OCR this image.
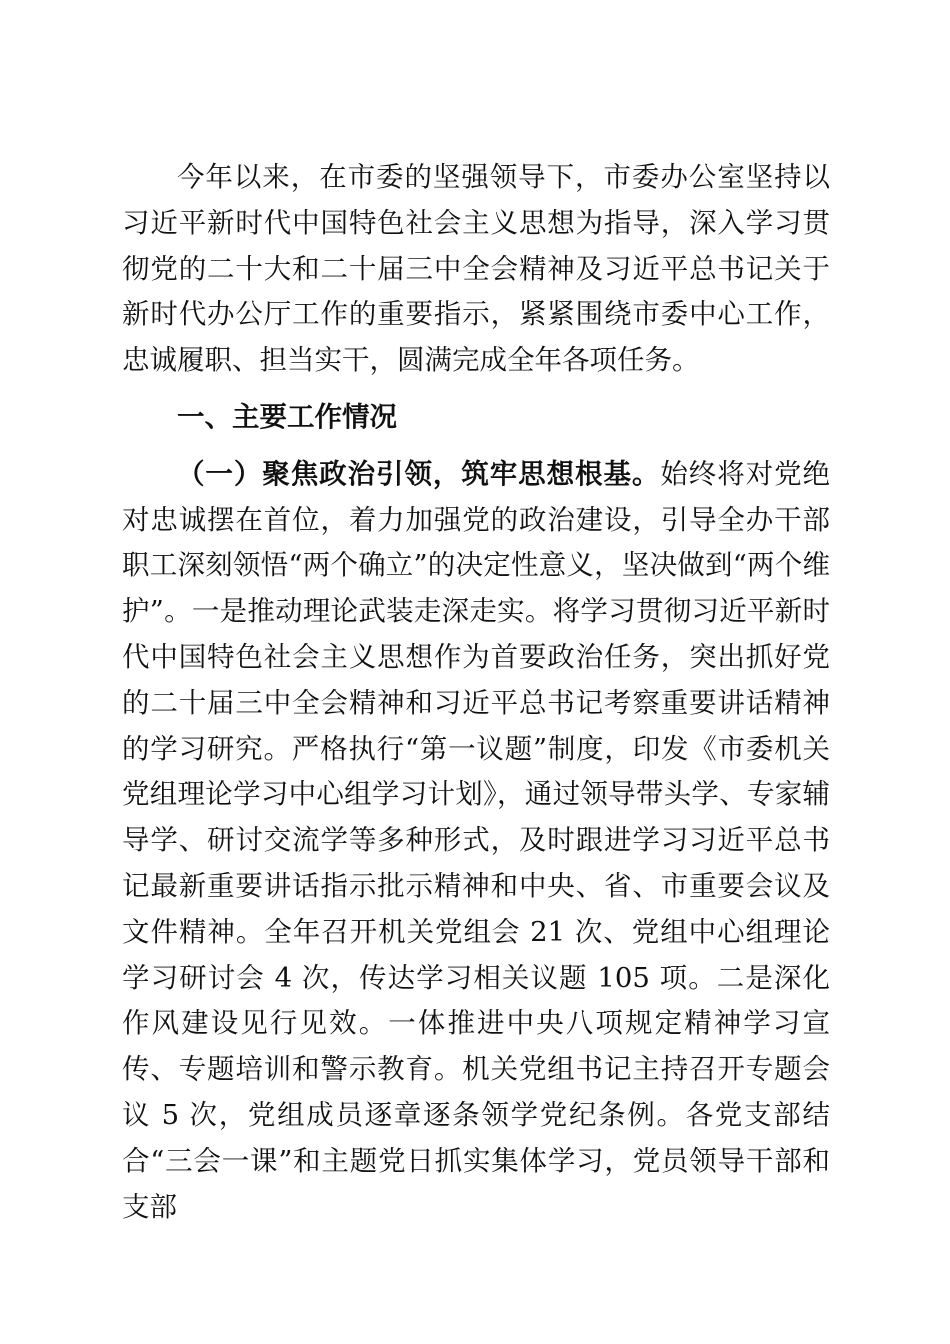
今年以来，在市委的坚强领导下，市委办公室坚持以习近平新时代中国特色社会主义思想为指导，深入学习贯彻党的二十大和二十届三中全会精神及习近平总书记关于新时代办公厅工作的重要指示，紧紧围绕市委中心工作，忠诚履职、担当实干，圆满完成全年各项任务。

一、主要工作情况

（一）聚焦政治引领，筑牢思想根基。始终将对党绝对忠诚摆在首位，着力加强党的政治建设，引导全办干部职工深刻领悟“两个确立”的决定性意义，坚决做到“两个维护”。一是推动理论武装走深走实。将学习贯彻习近平新时代中国特色社会主义思想作为首要政治任务，突出抓好党的二十届三中全会精神和习近平总书记考察重要讲话精神的学习研究。严格执行“第一议题”制度，印发《市委机关党组理论学习中心组学习计划》，通过领导带头学、专家辅导学、研讨交流学等多种形式，及时跟进学习习近平总书记最新重要讲话指示批示精神和中央、省、市重要会议及文件精神。全年召开机关党组会 21 次、党组中心组理论学习研讨会 4 次，传达学习相关议题 105 项。二是深化作风建设见行见效。一体推进中央八项规定精神学习宣传、专题培训和警示教育。机关党组书记主持召开专题会议 5 次，党组成员逐章逐条领学党纪条例。各党支部结合“三会一课”和主题党日抓实集体学习，党员领导干部和支部
